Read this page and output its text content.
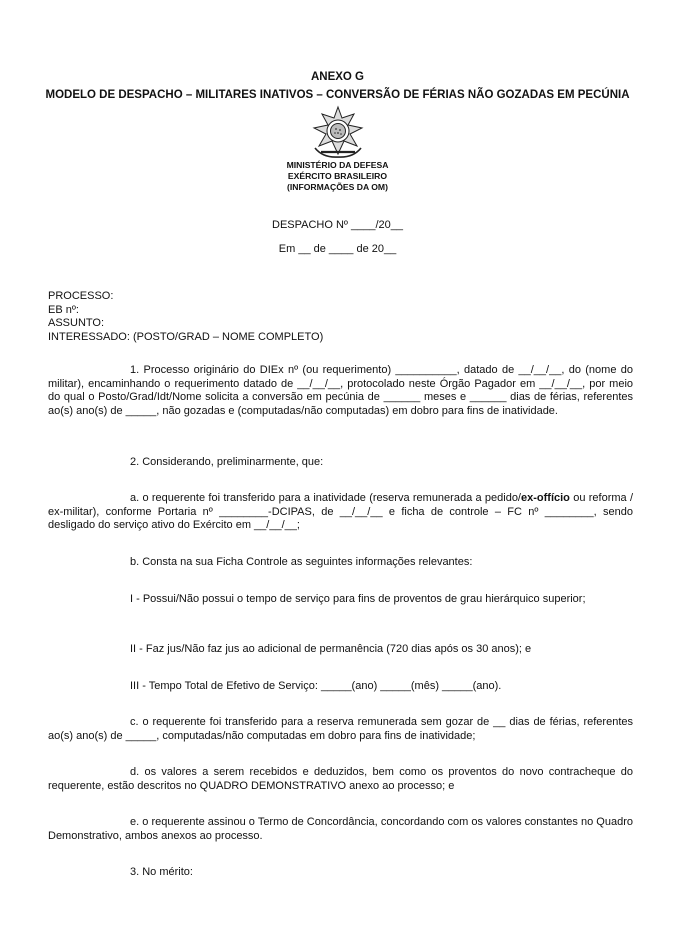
ANEXO G
MODELO DE DESPACHO – MILITARES INATIVOS – CONVERSÃO DE FÉRIAS NÃO GOZADAS EM PECÚNIA
MINISTÉRIO DA DEFESA
EXÉRCITO BRASILEIRO
(INFORMAÇÕES DA OM)
DESPACHO Nº ____/20__
Em __ de ____ de 20__
PROCESSO:
EB nº:
ASSUNTO:
INTERESSADO: (POSTO/GRAD – NOME COMPLETO)

1. Processo originário do DIEx nº (ou requerimento) __________, datado de __/__/__, do (nome do militar), encaminhando o requerimento datado de __/__/__, protocolado neste Órgão Pagador em __/__/__, por meio do qual o Posto/Grad/Idt/Nome solicita a conversão em pecúnia de ______ meses e ______ dias de férias, referentes ao(s) ano(s) de _____, não gozadas e (computadas/não computadas) em dobro para fins de inatividade.

2. Considerando, preliminarmente, que:

a. o requerente foi transferido para a inatividade (reserva remunerada a pedido/ex-offício ou reforma / ex-militar), conforme Portaria nº ________-DCIPAS, de __/__/__ e ficha de controle – FC nº ________, sendo desligado do serviço ativo do Exército em __/__/__;

b. Consta na sua Ficha Controle as seguintes informações relevantes:

I - Possui/Não possui o tempo de serviço para fins de proventos de grau hierárquico superior;

II - Faz jus/Não faz jus ao adicional de permanência (720 dias após os 30 anos); e

III - Tempo Total de Efetivo de Serviço: _____(ano) _____(mês) _____(ano).

c. o requerente foi transferido para a reserva remunerada sem gozar de __ dias de férias, referentes ao(s) ano(s) de _____, computadas/não computadas em dobro para fins de inatividade;

d. os valores a serem recebidos e deduzidos, bem como os proventos do novo contracheque do requerente, estão descritos no QUADRO DEMONSTRATIVO anexo ao processo; e

e. o requerente assinou o Termo de Concordância, concordando com os valores constantes no Quadro Demonstrativo, ambos anexos ao processo.

3. No mérito:
